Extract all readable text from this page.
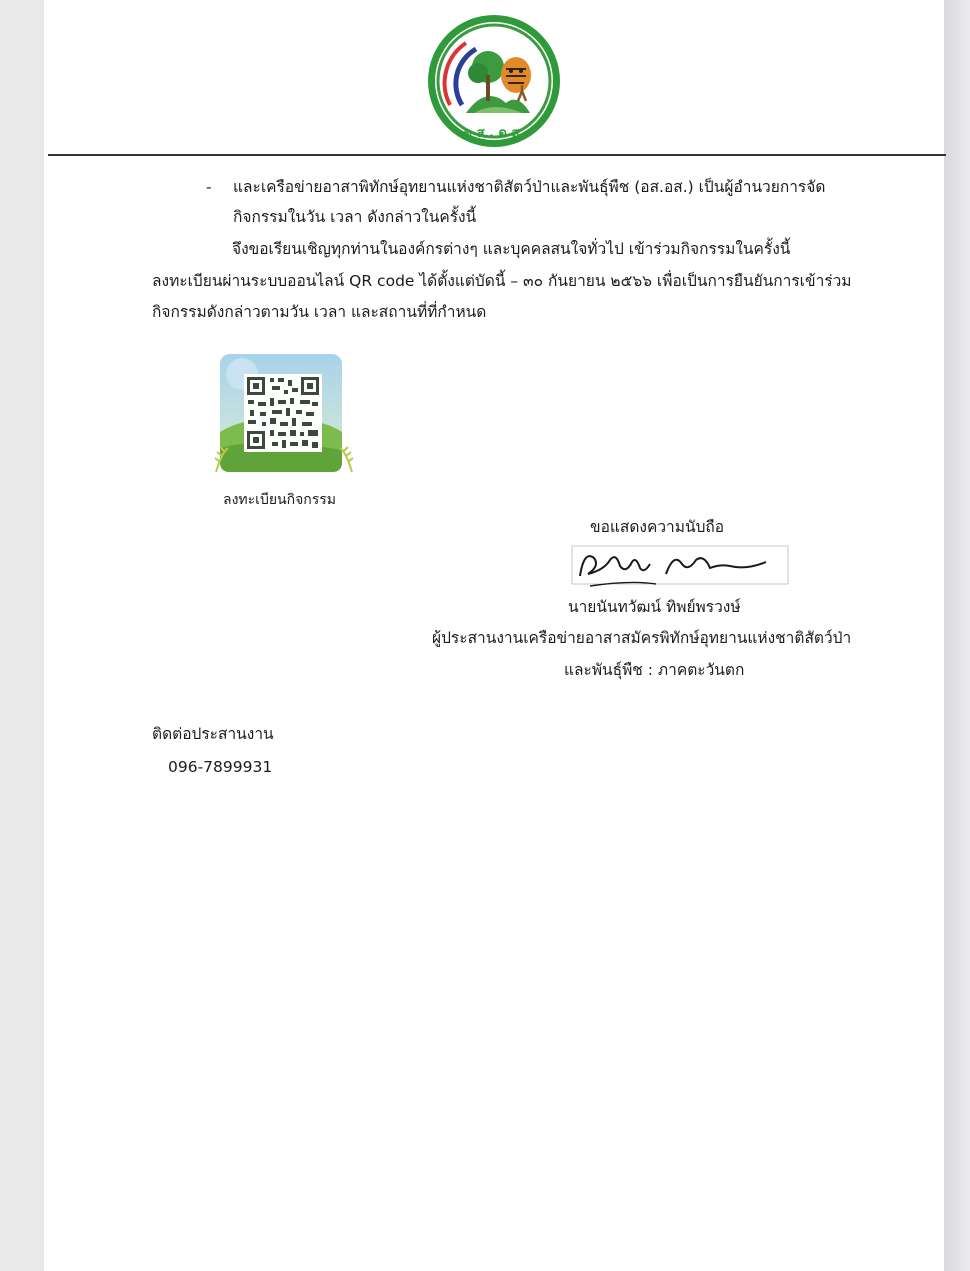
ด ส . ด ส.
- และเครือข่ายอาสาพิทักษ์อุทยานแห่งชาติสัตว์ป่าและพันธุ์พืช (อส.อส.) เป็นผู้อำนวยการจัด
กิจกรรมในวัน เวลา ดังกล่าวในครั้งนี้
จึงขอเรียนเชิญทุกท่านในองค์กรต่างๆ และบุคคลสนใจทั่วไป เข้าร่วมกิจกรรมในครั้งนี้
ลงทะเบียนผ่านระบบออนไลน์ QR code ได้ตั้งแต่บัดนี้ – ๓๐ กันยายน ๒๕๖๖ เพื่อเป็นการยืนยันการเข้าร่วม
กิจกรรมดังกล่าวตามวัน เวลา และสถานที่ที่กำหนด
ลงทะเบียนกิจกรรม
ขอแสดงความนับถือ
นายนันทวัฒน์ ทิพย์พรวงษ์
ผู้ประสานงานเครือข่ายอาสาสมัครพิทักษ์อุทยานแห่งชาติสัตว์ป่า
และพันธุ์พืช : ภาคตะวันตก
ติดต่อประสานงาน
096-7899931
